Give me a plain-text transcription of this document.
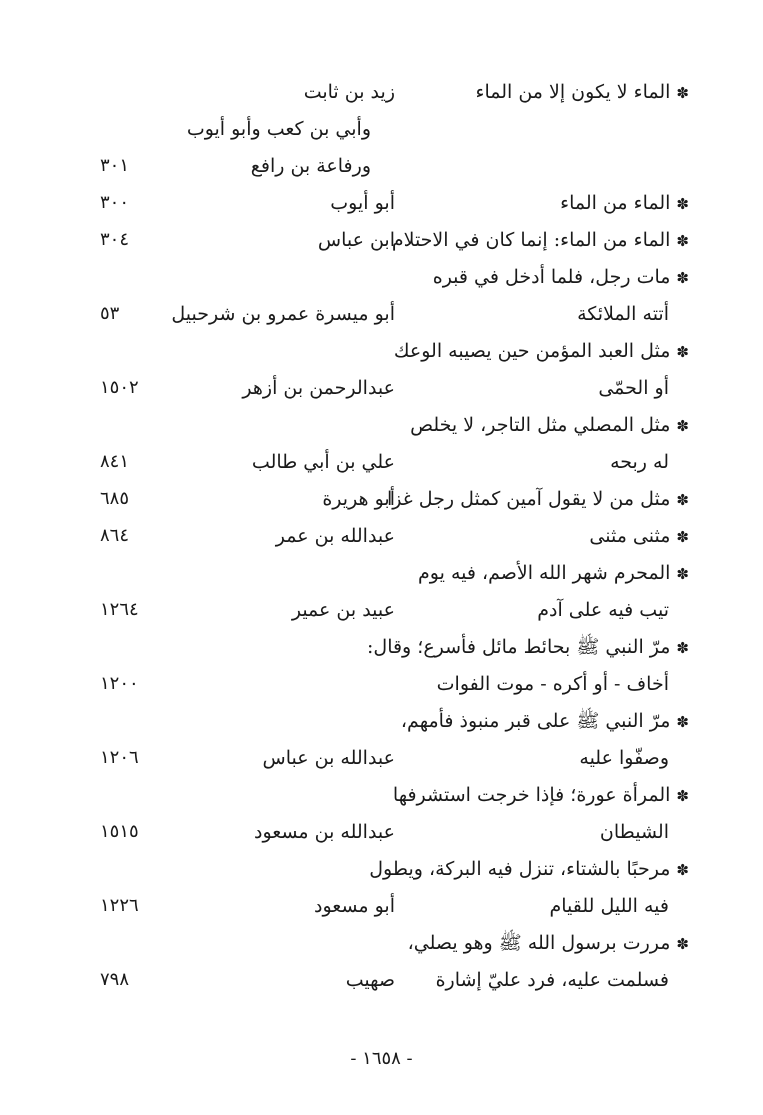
✽الماء لا يكون إلا من الماء
زيد بن ثابت
وأبي بن كعب وأبو أيوب
ورفاعة بن رافع
٣٠١
✽الماء من الماء
أبو أيوب
٣٠٠
✽الماء من الماء: إنما كان في الاحتلام
ابن عباس
٣٠٤
✽مات رجل، فلما أدخل في قبره
أتته الملائكة
أبو ميسرة عمرو بن شرحبيل
٥٣
✽مثل العبد المؤمن حين يصيبه الوعك
أو الحمّى
عبدالرحمن بن أزهر
١٥٠٢
✽مثل المصلي مثل التاجر، لا يخلص
له ربحه
علي بن أبي طالب
٨٤١
✽مثل من لا يقول آمين كمثل رجل غزا
أبو هريرة
٦٨٥
✽مثنى مثنى
عبدالله بن عمر
٨٦٤
✽المحرم شهر الله الأصم، فيه يوم
تيب فيه على آدم
عبيد بن عمير
١٢٦٤
✽مرّ النبي ﷺ بحائط مائل فأسرع؛ وقال:
أخاف - أو أكره - موت الفوات
١٢٠٠
✽مرّ النبي ﷺ على قبر منبوذ فأمهم،
وصفّوا عليه
عبدالله بن عباس
١٢٠٦
✽المرأة عورة؛ فإذا خرجت استشرفها
الشيطان
عبدالله بن مسعود
١٥١٥
✽مرحبًا بالشتاء، تنزل فيه البركة، ويطول
فيه الليل للقيام
أبو مسعود
١٢٢٦
✽مررت برسول الله ﷺ وهو يصلي،
فسلمت عليه، فرد عليّ إشارة
صهيب
٧٩٨
- ١٦٥٨ -
